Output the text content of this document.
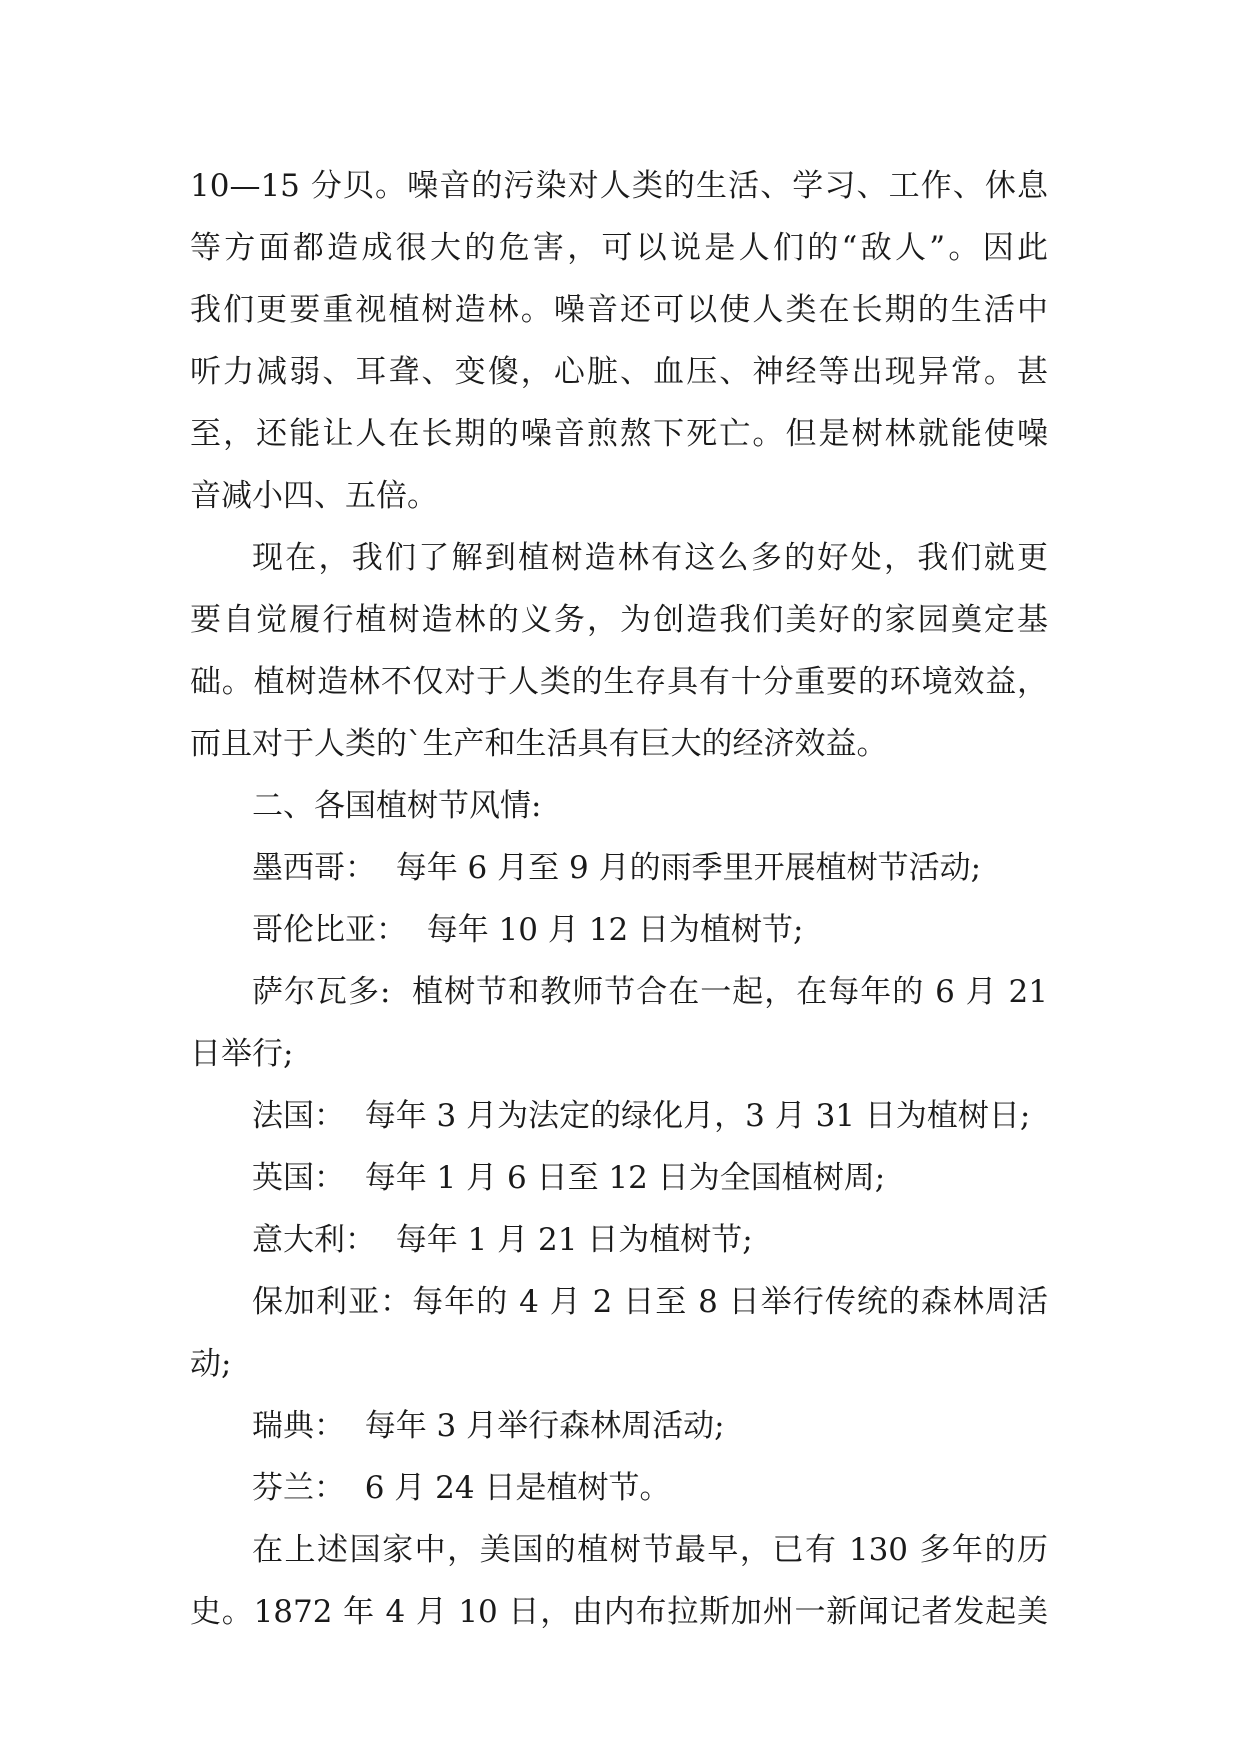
10—15 分贝。噪音的污染对人类的生活、学习、工作、休息
等方面都造成很大的危害，可以说是人们的“敌人”。因此
我们更要重视植树造林。噪音还可以使人类在长期的生活中
听力减弱、耳聋、变傻，心脏、血压、神经等出现异常。甚
至，还能让人在长期的噪音煎熬下死亡。但是树林就能使噪
音减小四、五倍。
现在，我们了解到植树造林有这么多的好处，我们就更
要自觉履行植树造林的义务，为创造我们美好的家园奠定基
础。植树造林不仅对于人类的生存具有十分重要的环境效益，
而且对于人类的`生产和生活具有巨大的经济效益。
二、各国植树节风情:
墨西哥：  每年 6 月至 9 月的雨季里开展植树节活动;
哥伦比亚：  每年 10 月 12 日为植树节;
萨尔瓦多:  植树节和教师节合在一起，在每年的 6 月 21
日举行;
法国：  每年 3 月为法定的绿化月，3 月 31 日为植树日;
英国：  每年 1 月 6 日至 12 日为全国植树周;
意大利：  每年 1 月 21 日为植树节;
保加利亚：每年的 4 月 2 日至 8 日举行传统的森林周活
动;
瑞典：  每年 3 月举行森林周活动;
芬兰：  6 月 24 日是植树节。
在上述国家中，美国的植树节最早，已有 130 多年的历
史。1872 年 4 月 10 日，由内布拉斯加州一新闻记者发起美
